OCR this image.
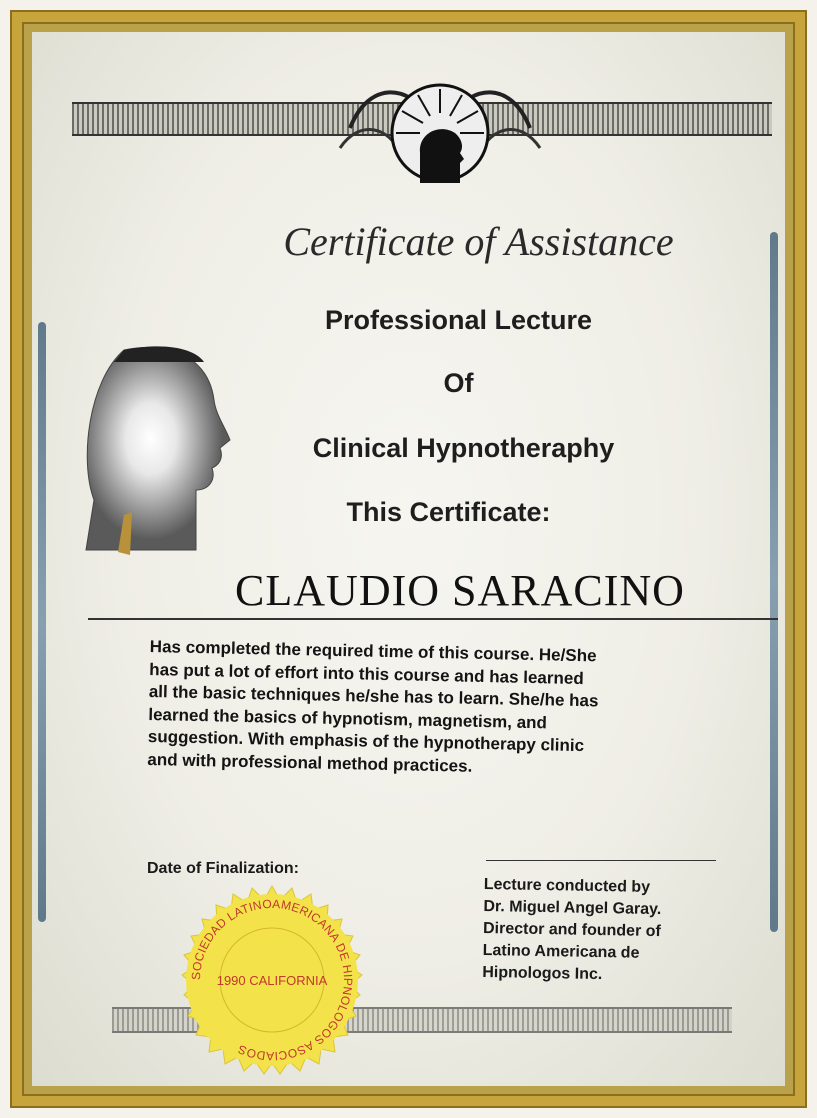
Certificate of Assistance
Professional Lecture
Of
Clinical Hypnotheraphy
This Certificate:
CLAUDIO SARACINO
Has completed the required time of this course. He/She
has put a lot of effort into this course and has learned
all the basic techniques he/she has to learn. She/he has
learned the basics of hypnotism, magnetism, and
suggestion. With emphasis of the hypnotherapy clinic
and with professional method practices.
Date of Finalization:
Lecture conducted by
Dr. Miguel Angel Garay.
Director and founder of
Latino Americana de
Hipnologos Inc.
SOCIEDAD LATINOAMERICANA DE HIPNOLOGOS ASOCIADOS
1990 CALIFORNIA
